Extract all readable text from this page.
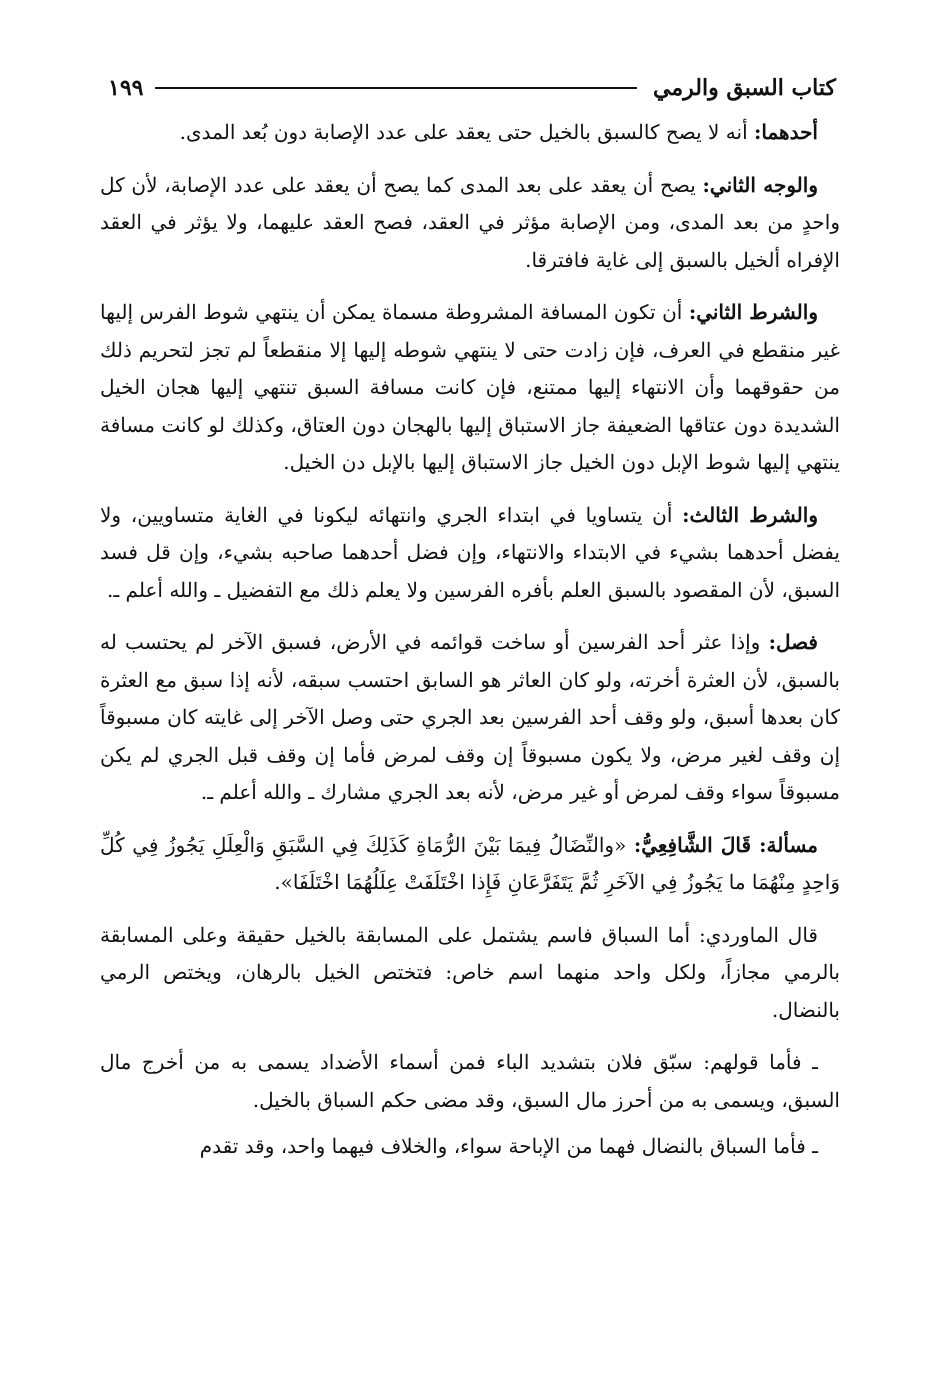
كتاب السبق والرمي
١٩٩

أحدهما: أنه لا يصح كالسبق بالخيل حتى يعقد على عدد الإصابة دون بُعد المدى.

والوجه الثاني: يصح أن يعقد على بعد المدى كما يصح أن يعقد على عدد الإصابة، لأن كل واحدٍ من بعد المدى، ومن الإصابة مؤثر في العقد، فصح العقد عليهما، ولا يؤثر في العقد الإفراه ألخيل بالسبق إلى غاية فافترقا.

والشرط الثاني: أن تكون المسافة المشروطة مسماة يمكن أن ينتهي شوط الفرس إليها غير منقطع في العرف، فإن زادت حتى لا ينتهي شوطه إليها إلا منقطعاً لم تجز لتحريم ذلك من حقوقهما وأن الانتهاء إليها ممتنع، فإن كانت مسافة السبق تنتهي إليها هجان الخيل الشديدة دون عتاقها الضعيفة جاز الاستباق إليها بالهجان دون العتاق، وكذلك لو كانت مسافة ينتهي إليها شوط الإبل دون الخيل جاز الاستباق إليها بالإبل دن الخيل.

والشرط الثالث: أن يتساويا في ابتداء الجري وانتهائه ليكونا في الغاية متساويين، ولا يفضل أحدهما بشيء في الابتداء والانتهاء، وإن فضل أحدهما صاحبه بشيء، وإن قل فسد السبق، لأن المقصود بالسبق العلم بأفره الفرسين ولا يعلم ذلك مع التفضيل ـ والله أعلم ـ.

فصل: وإذا عثر أحد الفرسين أو ساخت قوائمه في الأرض، فسبق الآخر لم يحتسب له بالسبق، لأن العثرة أخرته، ولو كان العاثر هو السابق احتسب سبقه، لأنه إذا سبق مع العثرة كان بعدها أسبق، ولو وقف أحد الفرسين بعد الجري حتى وصل الآخر إلى غايته كان مسبوقاً إن وقف لغير مرض، ولا يكون مسبوقاً إن وقف لمرض فأما إن وقف قبل الجري لم يكن مسبوقاً سواء وقف لمرض أو غير مرض، لأنه بعد الجري مشارك ـ والله أعلم ـ.

مسألة: قَالَ الشَّافِعِيُّ: «والنِّضَالُ فِيمَا بَيْنَ الرُّمَاةِ كَذَلِكَ فِي السَّبَقِ وَالْعِلَلِ يَجُوزُ فِي كُلِّ وَاحِدٍ مِنْهُمَا ما يَجُوزُ فِي الآخَرِ ثُمَّ يَتَفَرَّعَانِ فَإِذا اخْتَلَفَتْ عِلَلُهُمَا اخْتَلَفَا».

قال الماوردي: أما السباق فاسم يشتمل على المسابقة بالخيل حقيقة وعلى المسابقة بالرمي مجازاً، ولكل واحد منهما اسم خاص: فتختص الخيل بالرهان، ويختص الرمي بالنضال.

ـ فأما قولهم: سبّق فلان بتشديد الباء فمن أسماء الأضداد يسمى به من أخرج مال السبق، ويسمى به من أحرز مال السبق، وقد مضى حكم السباق بالخيل.

ـ فأما السباق بالنضال فهما من الإباحة سواء، والخلاف فيهما واحد، وقد تقدم
